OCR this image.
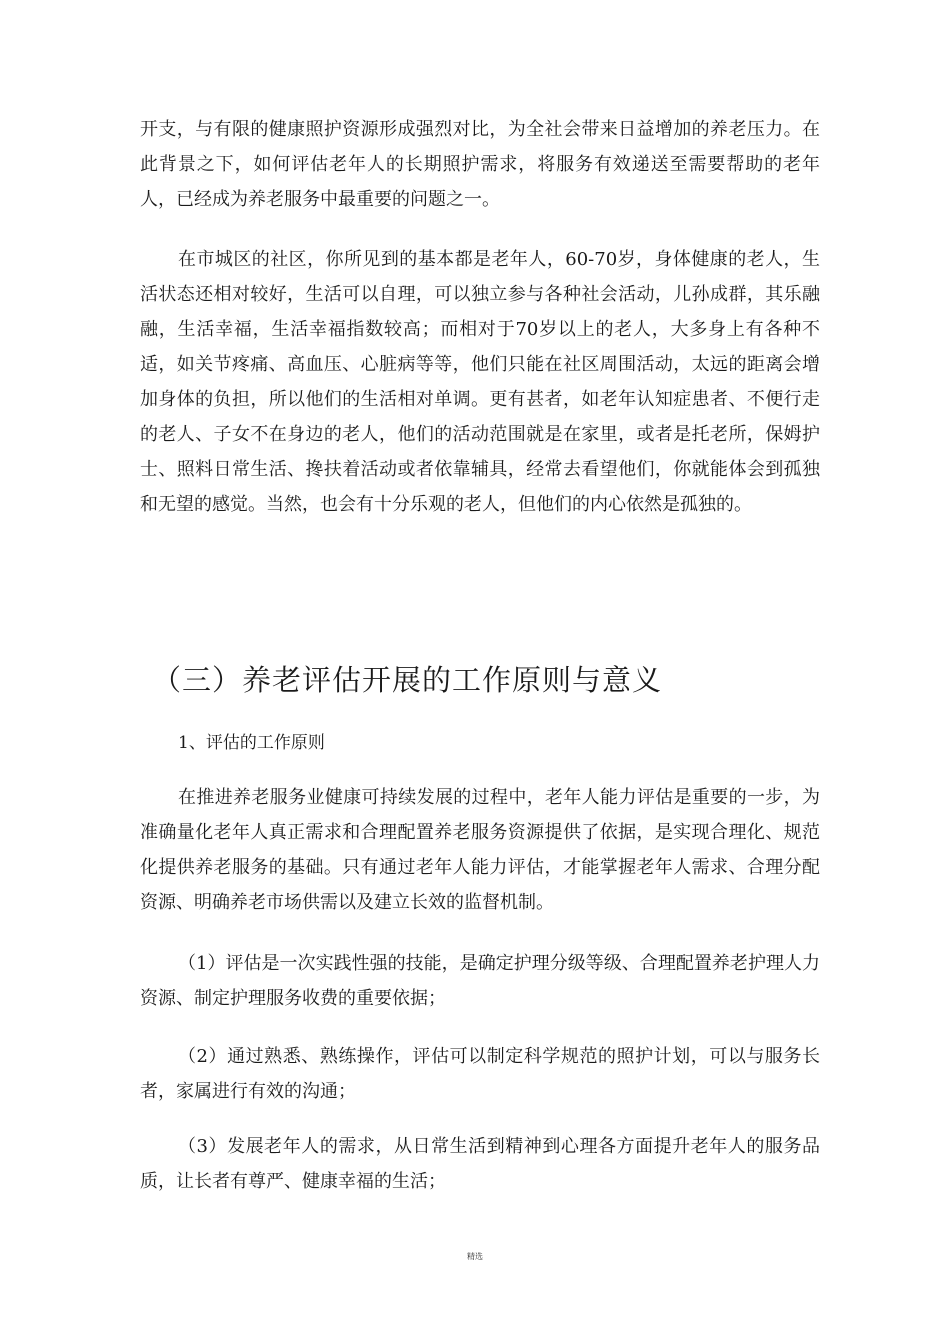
开支，与有限的健康照护资源形成强烈对比，为全社会带来日益增加的养老压力。在此背景之下，如何评估老年人的长期照护需求，将服务有效递送至需要帮助的老年人，已经成为养老服务中最重要的问题之一。

在市城区的社区，你所见到的基本都是老年人，60-70岁，身体健康的老人，生活状态还相对较好，生活可以自理，可以独立参与各种社会活动，儿孙成群，其乐融融，生活幸福，生活幸福指数较高；而相对于70岁以上的老人，大多身上有各种不适，如关节疼痛、高血压、心脏病等等，他们只能在社区周围活动，太远的距离会增加身体的负担，所以他们的生活相对单调。更有甚者，如老年认知症患者、不便行走的老人、子女不在身边的老人，他们的活动范围就是在家里，或者是托老所，保姆护士、照料日常生活、搀扶着活动或者依靠辅具，经常去看望他们，你就能体会到孤独和无望的感觉。当然，也会有十分乐观的老人，但他们的内心依然是孤独的。

（三）养老评估开展的工作原则与意义
1、评估的工作原则

在推进养老服务业健康可持续发展的过程中，老年人能力评估是重要的一步，为准确量化老年人真正需求和合理配置养老服务资源提供了依据，是实现合理化、规范化提供养老服务的基础。只有通过老年人能力评估，才能掌握老年人需求、合理分配资源、明确养老市场供需以及建立长效的监督机制。

（1）评估是一次实践性强的技能，是确定护理分级等级、合理配置养老护理人力资源、制定护理服务收费的重要依据；

（2）通过熟悉、熟练操作，评估可以制定科学规范的照护计划，可以与服务长者，家属进行有效的沟通；

（3）发展老年人的需求，从日常生活到精神到心理各方面提升老年人的服务品质，让长者有尊严、健康幸福的生活；

精选
